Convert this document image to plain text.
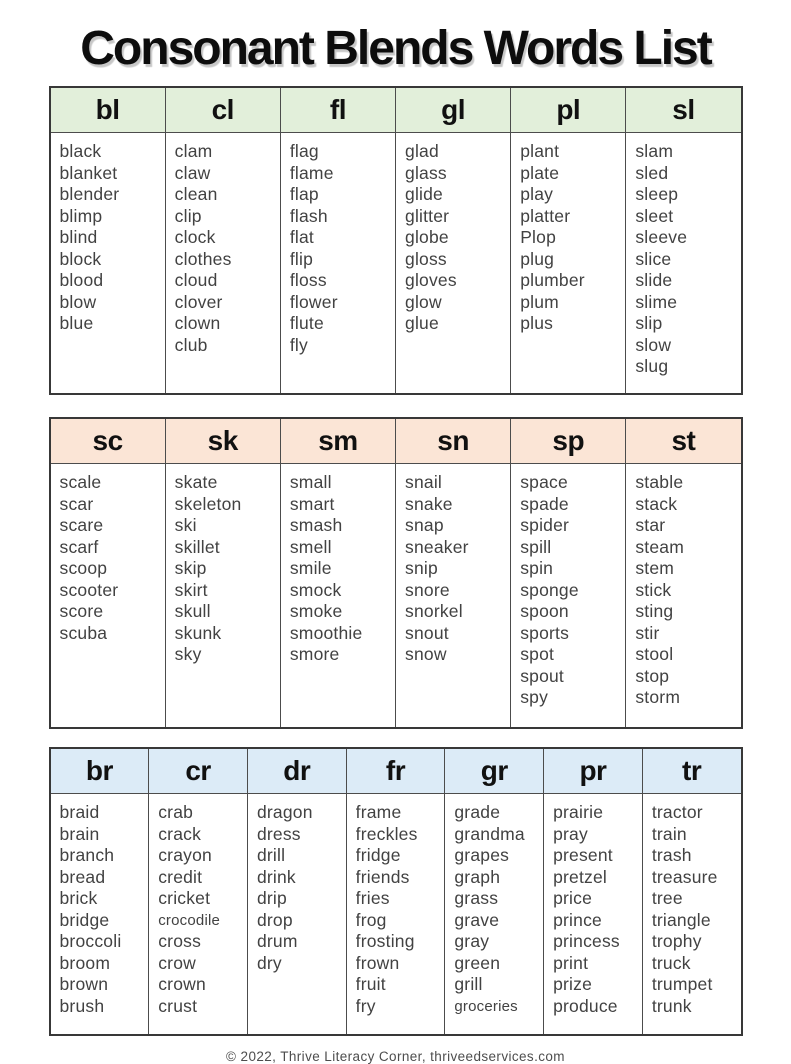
Consonant Blends Words List
bl
black
blanket
blender
blimp
blind
block
blood
blow
blue
cl
clam
claw
clean
clip
clock
clothes
cloud
clover
clown
club
fl
flag
flame
flap
flash
flat
flip
floss
flower
flute
fly
gl
glad
glass
glide
glitter
globe
gloss
gloves
glow
glue
pl
plant
plate
play
platter
Plop
plug
plumber
plum
plus
sl
slam
sled
sleep
sleet
sleeve
slice
slide
slime
slip
slow
slug
sc
scale
scar
scare
scarf
scoop
scooter
score
scuba
sk
skate
skeleton
ski
skillet
skip
skirt
skull
skunk
sky
sm
small
smart
smash
smell
smile
smock
smoke
smoothie
smore
sn
snail
snake
snap
sneaker
snip
snore
snorkel
snout
snow
sp
space
spade
spider
spill
spin
sponge
spoon
sports
spot
spout
spy
st
stable
stack
star
steam
stem
stick
sting
stir
stool
stop
storm
br
braid
brain
branch
bread
brick
bridge
broccoli
broom
brown
brush
cr
crab
crack
crayon
credit
cricket
crocodile
cross
crow
crown
crust
dr
dragon
dress
drill
drink
drip
drop
drum
dry
fr
frame
freckles
fridge
friends
fries
frog
frosting
frown
fruit
fry
gr
grade
grandma
grapes
graph
grass
grave
gray
green
grill
groceries
pr
prairie
pray
present
pretzel
price
prince
princess
print
prize
produce
tr
tractor
train
trash
treasure
tree
triangle
trophy
truck
trumpet
trunk
© 2022, Thrive Literacy Corner, thriveedservices.com
